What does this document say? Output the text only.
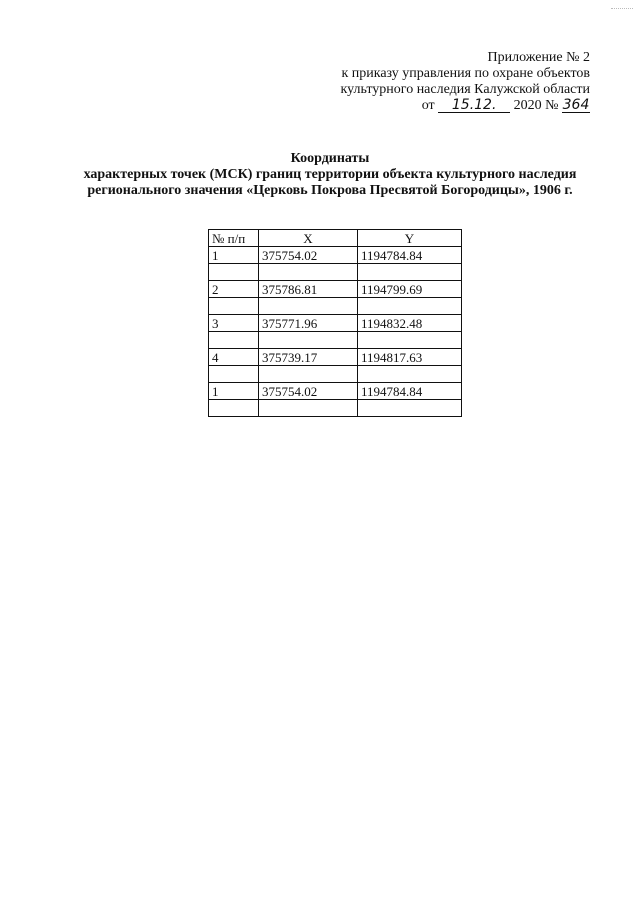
Приложение № 2
к приказу управления по охране объектов
культурного наследия Калужской области
от 15.12. 2020 № 364
Координаты
характерных точек (МСК) границ территории объекта культурного наследия
регионального значения «Церковь Покрова Пресвятой Богородицы», 1906 г.
№ п/п	X	Y
1	375754.02	1194784.84

2	375786.81	1194799.69

3	375771.96	1194832.48

4	375739.17	1194817.63

1	375754.02	1194784.84
